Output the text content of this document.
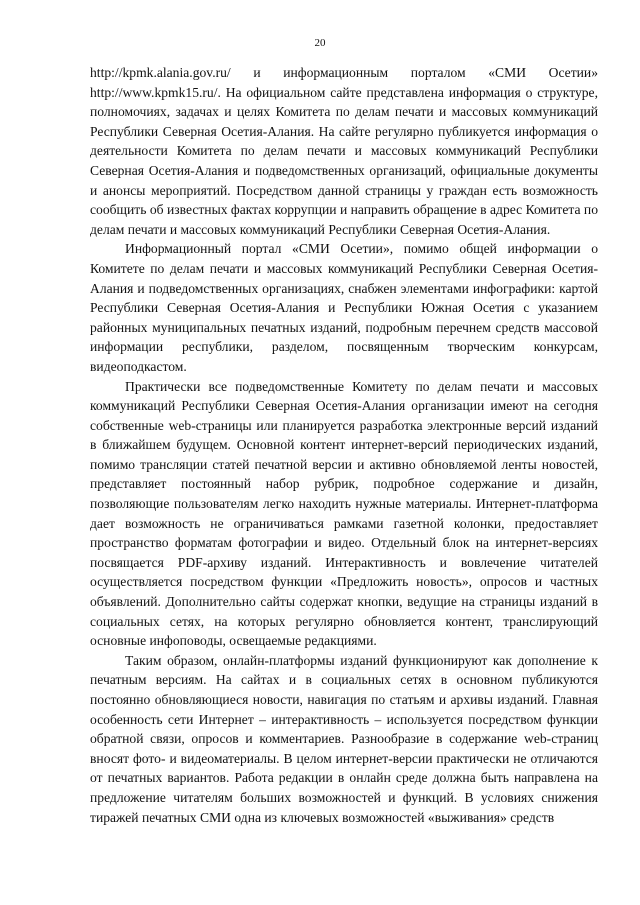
20

http://kpmk.alania.gov.ru/ и информационным порталом «СМИ Осетии» http://www.kpmk15.ru/. На официальном сайте представлена информация о структуре, полномочиях, задачах и целях Комитета по делам печати и массовых коммуникаций Республики Северная Осетия-Алания. На сайте регулярно публикуется информация о деятельности Комитета по делам печати и массовых коммуникаций Республики Северная Осетия-Алания и подведомственных организаций, официальные документы и анонсы мероприятий. Посредством данной страницы у граждан есть возможность сообщить об известных фактах коррупции и направить обращение в адрес Комитета по делам печати и массовых коммуникаций Республики Северная Осетия-Алания.

Информационный портал «СМИ Осетии», помимо общей информации о Комитете по делам печати и массовых коммуникаций Республики Северная Осетия-Алания и подведомственных организациях, снабжен элементами инфографики: картой Республики Северная Осетия-Алания и Республики Южная Осетия с указанием районных муниципальных печатных изданий, подробным перечнем средств массовой информации республики, разделом, посвященным творческим конкурсам, видеоподкастом.

Практически все подведомственные Комитету по делам печати и массовых коммуникаций Республики Северная Осетия-Алания организации имеют на сегодня собственные web-страницы или планируется разработка электронные версий изданий в ближайшем будущем. Основной контент интернет-версий периодических изданий, помимо трансляции статей печатной версии и активно обновляемой ленты новостей, представляет постоянный набор рубрик, подробное содержание и дизайн, позволяющие пользователям легко находить нужные материалы. Интернет-платформа дает возможность не ограничиваться рамками газетной колонки, предоставляет пространство форматам фотографии и видео. Отдельный блок на интернет-версиях посвящается PDF-архиву изданий. Интерактивность и вовлечение читателей осуществляется посредством функции «Предложить новость», опросов и частных объявлений. Дополнительно сайты содержат кнопки, ведущие на страницы изданий в социальных сетях, на которых регулярно обновляется контент, транслирующий основные инфоповоды, освещаемые редакциями.

Таким образом, онлайн-платформы изданий функционируют как дополнение к печатным версиям. На сайтах и в социальных сетях в основном публикуются постоянно обновляющиеся новости, навигация по статьям и архивы изданий. Главная особенность сети Интернет – интерактивность – используется посредством функции обратной связи, опросов и комментариев. Разнообразие в содержание web-страниц вносят фото- и видеоматериалы. В целом интернет-версии практически не отличаются от печатных вариантов. Работа редакции в онлайн среде должна быть направлена на предложение читателям больших возможностей и функций. В условиях снижения тиражей печатных СМИ одна из ключевых возможностей «выживания» средств
